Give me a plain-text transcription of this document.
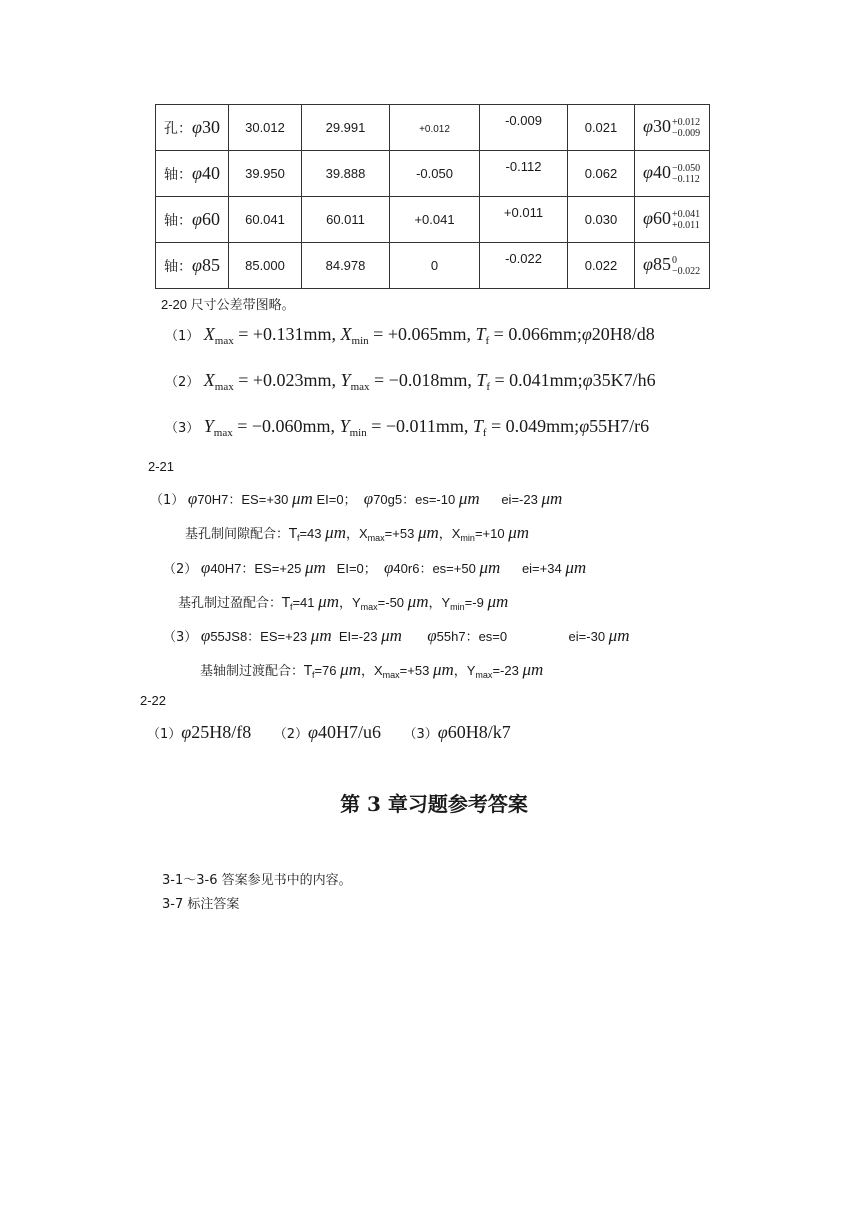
孔：φ30	30.012	29.991	+0.012	-0.009	0.021	φ30 +0.012
−0.009

轴：φ40	39.950	39.888	-0.050	-0.112	0.062	φ40 −0.050
−0.112

轴：φ60	60.041	60.011	+0.041	+0.011	0.030	φ60 +0.041
+0.011

轴：φ85	85.000	84.978	0	-0.022	0.022	φ85 0
−0.022
2-20 尺寸公差带图略。
（1） $X_{max} = +0.131mm$, $X_{min} = +0.065mm$, $T_f$ = 0.066mm;φ20H8/d8
（2） $X_{max} = +0.023mm$, $Y_{max} = -0.018mm$, $T_f$ = 0.041mm;φ35K7/h6
（3） $Y_{max} = -0.060mm$, $Y_{min} = -0.011mm$, $T_f$ = 0.049mm;φ55H7/r6
2-21
（1） φ70H7：ES=+30 μm EI=0； φ70g5：es=-10 μm ei=-23 μm
基孔制间隙配合：$T_f=43$ μm，$X_{max}=+53$ μm，$X_{min}=+10$ μm
（2） φ40H7：ES=+25 μm EI=0； φ40r6：es=+50 μm ei=+34 μm
基孔制过盈配合：$T_f=41$ μm，$Y_{max}=-50$ μm，$Y_{min}=-9$ μm
（3） φ55JS8：ES=+23 μm EI=-23 μm φ55h7：es=0	ei=-30 μm
基轴制过渡配合：$T_f=76$ μm，$X_{max}=+53$ μm，$Y_{max}=-23$ μm
2-22
（1）φ25H8/f8 （2）φ40H7/u6 （3）φ60H8/k7
第 3 章习题参考答案
3-1～3-6 答案参见书中的内容。
3-7 标注答案
